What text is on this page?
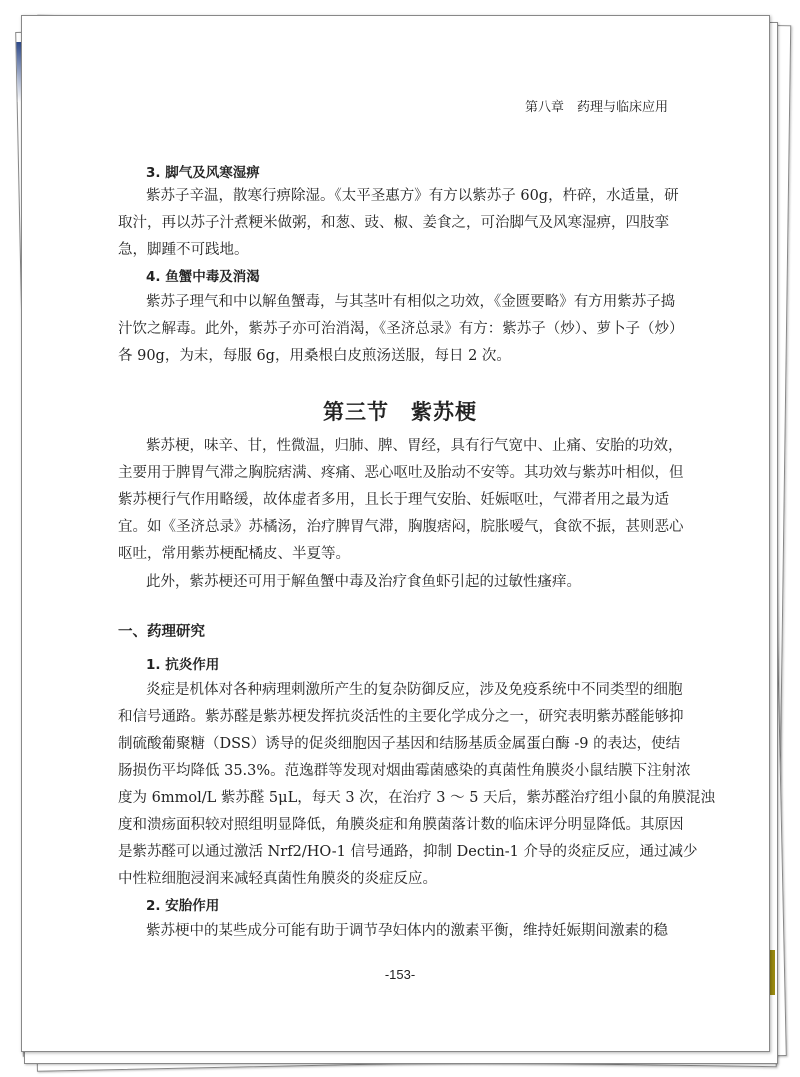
第八章　药理与临床应用
3. 脚气及风寒湿痹
紫苏子辛温，散寒行痹除湿。《太平圣惠方》有方以紫苏子 60g，杵碎，水适量，研
取汁，再以苏子汁煮粳米做粥，和葱、豉、椒、姜食之，可治脚气及风寒湿痹，四肢挛
急，脚踵不可践地。
4. 鱼蟹中毒及消渴
紫苏子理气和中以解鱼蟹毒，与其茎叶有相似之功效，《金匮要略》有方用紫苏子捣
汁饮之解毒。此外，紫苏子亦可治消渴，《圣济总录》有方：紫苏子（炒）、萝卜子（炒）
各 90g，为末，每服 6g，用桑根白皮煎汤送服，每日 2 次。
第三节　紫苏梗
紫苏梗，味辛、甘，性微温，归肺、脾、胃经，具有行气宽中、止痛、安胎的功效，
主要用于脾胃气滞之胸脘痞满、疼痛、恶心呕吐及胎动不安等。其功效与紫苏叶相似，但
紫苏梗行气作用略缓，故体虚者多用，且长于理气安胎、妊娠呕吐，气滞者用之最为适
宜。如《圣济总录》苏橘汤，治疗脾胃气滞，胸腹痞闷，脘胀嗳气，食欲不振，甚则恶心
呕吐，常用紫苏梗配橘皮、半夏等。
此外，紫苏梗还可用于解鱼蟹中毒及治疗食鱼虾引起的过敏性瘙痒。
一、药理研究
1. 抗炎作用
炎症是机体对各种病理刺激所产生的复杂防御反应，涉及免疫系统中不同类型的细胞
和信号通路。紫苏醛是紫苏梗发挥抗炎活性的主要化学成分之一，研究表明紫苏醛能够抑
制硫酸葡聚糖（DSS）诱导的促炎细胞因子基因和结肠基质金属蛋白酶 -9 的表达，使结
肠损伤平均降低 35.3%。范逸群等发现对烟曲霉菌感染的真菌性角膜炎小鼠结膜下注射浓
度为 6mmol/L 紫苏醛 5μL，每天 3 次，在治疗 3 ～ 5 天后，紫苏醛治疗组小鼠的角膜混浊
度和溃疡面积较对照组明显降低，角膜炎症和角膜菌落计数的临床评分明显降低。其原因
是紫苏醛可以通过激活 Nrf2/HO-1 信号通路，抑制 Dectin-1 介导的炎症反应，通过减少
中性粒细胞浸润来减轻真菌性角膜炎的炎症反应。
2. 安胎作用
紫苏梗中的某些成分可能有助于调节孕妇体内的激素平衡，维持妊娠期间激素的稳
-153-
